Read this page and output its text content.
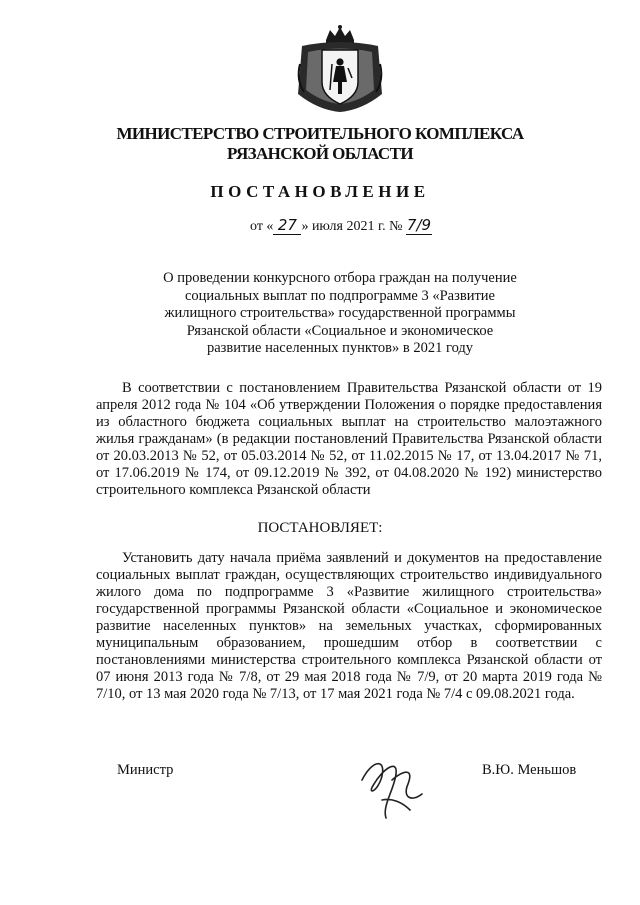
МИНИСТЕРСТВО СТРОИТЕЛЬНОГО КОМПЛЕКСА
РЯЗАНСКОЙ ОБЛАСТИ
ПОСТАНОВЛЕНИЕ
от « 27 » июля 2021 г. № 7/9
О проведении конкурсного отбора граждан на получение
социальных выплат по подпрограмме 3 «Развитие
жилищного строительства» государственной программы
Рязанской области «Социальное и экономическое
развитие населенных пунктов» в 2021 году
В соответствии с постановлением Правительства Рязанской области от 19 апреля 2012 года № 104 «Об утверждении Положения о порядке предоставления из областного бюджета социальных выплат на строительство малоэтажного жилья гражданам» (в редакции постановлений Правительства Рязанской области от 20.03.2013 № 52, от 05.03.2014 № 52, от 11.02.2015 № 17, от 13.04.2017 № 71, от 17.06.2019 № 174, от 09.12.2019 № 392, от 04.08.2020 № 192) министерство строительного комплекса Рязанской области
ПОСТАНОВЛЯЕТ:
Установить дату начала приёма заявлений и документов на предоставление социальных выплат граждан, осуществляющих строительство индивидуального жилого дома по подпрограмме 3 «Развитие жилищного строительства» государственной программы Рязанской области «Социальное и экономическое развитие населенных пунктов» на земельных участках, сформированных муниципальным образованием, прошедшим отбор в соответствии с постановлениями министерства строительного комплекса Рязанской области от 07 июня 2013 года № 7/8, от 29 мая 2018 года № 7/9, от 20 марта 2019 года № 7/10, от 13 мая 2020 года № 7/13, от 17 мая 2021 года № 7/4 с 09.08.2021 года.
Министр	В.Ю. Меньшов
